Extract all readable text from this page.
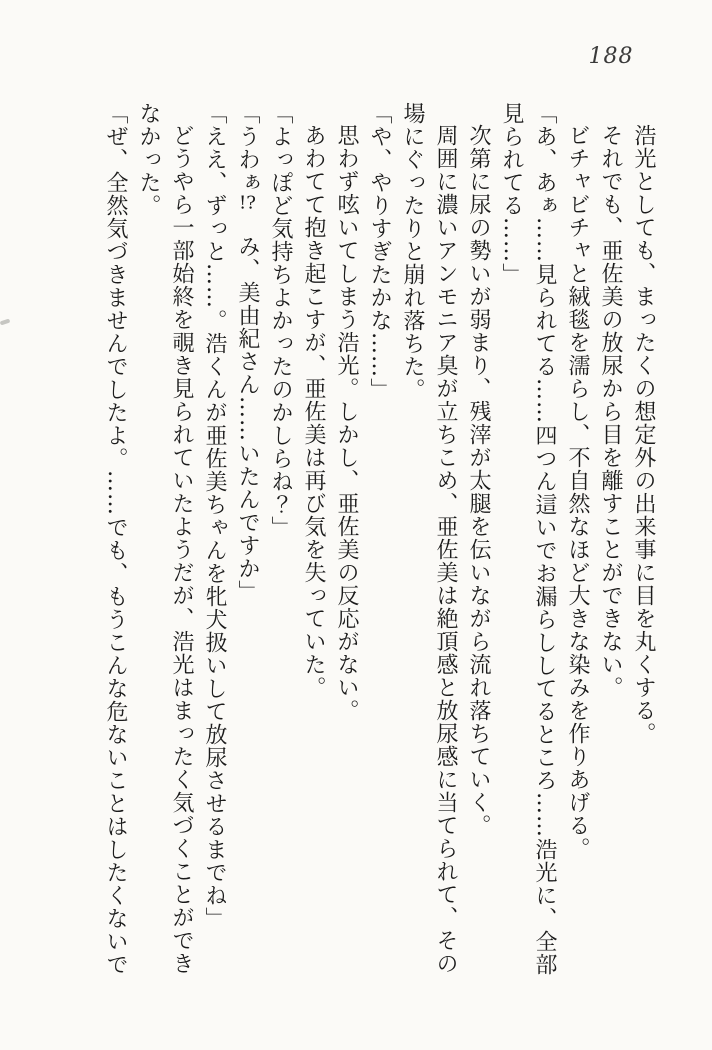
188
浩光としても、まったくの想定外の出来事に目を丸くする。
それでも、亜佐美の放尿から目を離すことができない。
ビチャビチャと絨毯を濡らし、不自然なほど大きな染みを作りあげる。
「あ、あぁ……見られてる……四つん這いでお漏らししてるところ……浩光に、全部
見られてる……」
次第に尿の勢いが弱まり、残滓が太腿を伝いながら流れ落ちていく。
周囲に濃いアンモニア臭が立ちこめ、亜佐美は絶頂感と放尿感に当てられて、その
場にぐったりと崩れ落ちた。
「や、やりすぎたかな……」
思わず呟いてしまう浩光。しかし、亜佐美の反応がない。
あわてて抱き起こすが、亜佐美は再び気を失っていた。
「よっぽど気持ちよかったのかしらね？」
「うわぁ!?　み、美由紀さん……いたんですか」
「ええ、ずっと……。浩くんが亜佐美ちゃんを牝犬扱いして放尿させるまでね」
どうやら一部始終を覗き見られていたようだが、浩光はまったく気づくことができ
なかった。
「ぜ、全然気づきませんでしたよ。……でも、もうこんな危ないことはしたくないで
